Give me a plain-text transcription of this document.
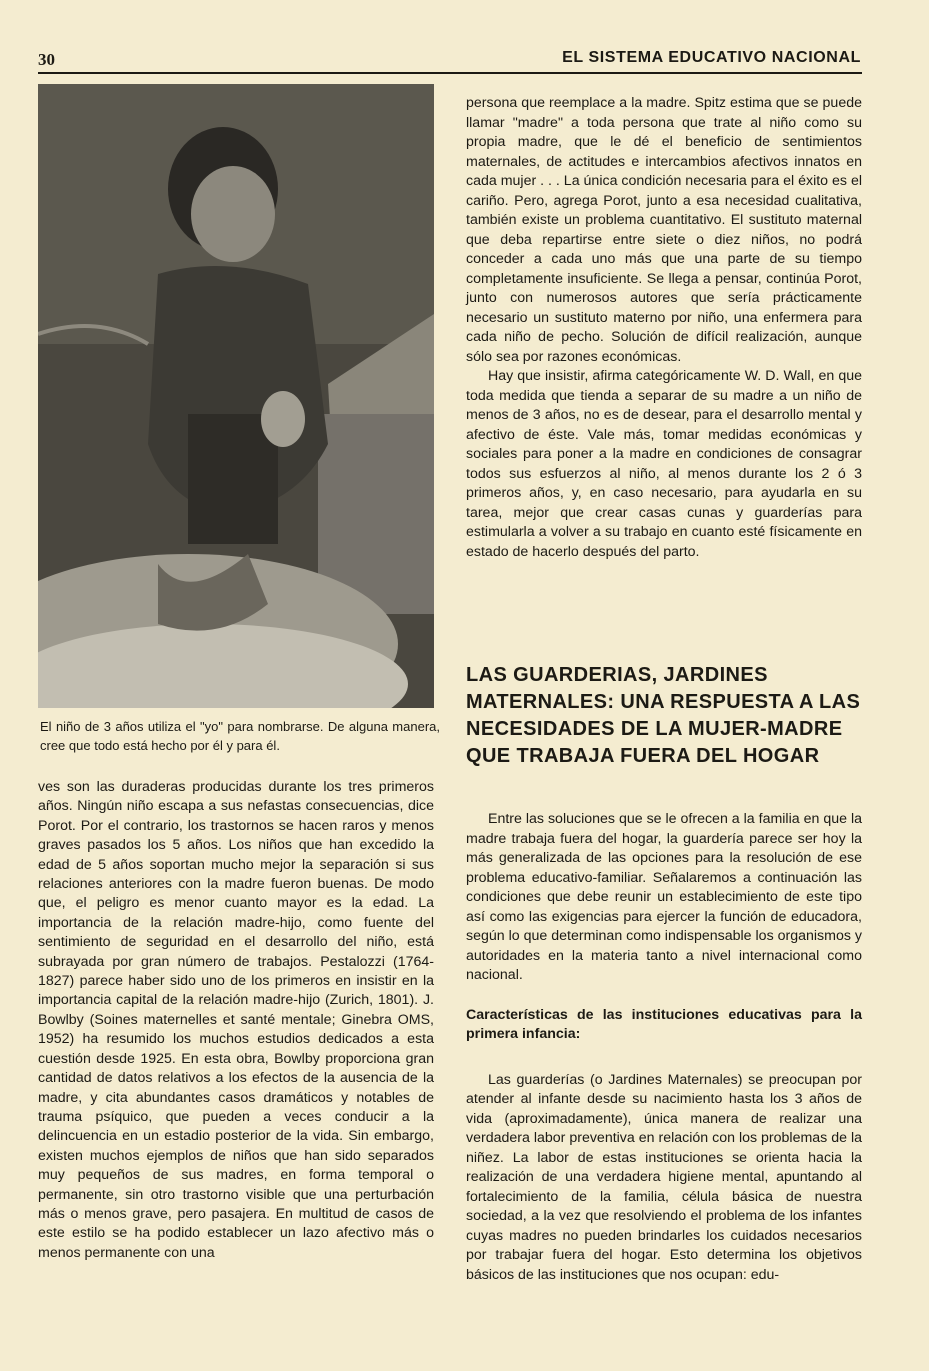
30	EL SISTEMA EDUCATIVO NACIONAL
El niño de 3 años utiliza el "yo" para nombrarse. De alguna manera, cree que todo está hecho por él y para él.

ves son las duraderas producidas durante los tres primeros años. Ningún niño escapa a sus nefastas consecuencias, dice Porot. Por el contrario, los trastornos se hacen raros y menos graves pasados los 5 años. Los niños que han excedido la edad de 5 años soportan mucho mejor la separación si sus relaciones anteriores con la madre fueron buenas. De modo que, el peligro es menor cuanto mayor es la edad. La importancia de la relación madre-hijo, como fuente del sentimiento de seguridad en el desarrollo del niño, está subrayada por gran número de trabajos. Pestalozzi (1764-1827) parece haber sido uno de los primeros en insistir en la importancia capital de la relación madre-hijo (Zurich, 1801). J. Bowlby (Soines maternelles et santé mentale; Ginebra OMS, 1952) ha resumido los muchos estudios dedicados a esta cuestión desde 1925. En esta obra, Bowlby proporciona gran cantidad de datos relativos a los efectos de la ausencia de la madre, y cita abundantes casos dramáticos y notables de trauma psíquico, que pueden a veces conducir a la delincuencia en un estadio posterior de la vida. Sin embargo, existen muchos ejemplos de niños que han sido separados muy pequeños de sus madres, en forma temporal o permanente, sin otro trastorno visible que una perturbación más o menos grave, pero pasajera. En multitud de casos de este estilo se ha podido establecer un lazo afectivo más o menos permanente con una

persona que reemplace a la madre. Spitz estima que se puede llamar "madre" a toda persona que trate al niño como su propia madre, que le dé el beneficio de sentimientos maternales, de actitudes e intercambios afectivos innatos en cada mujer . . . La única condición necesaria para el éxito es el cariño. Pero, agrega Porot, junto a esa necesidad cualitativa, también existe un problema cuantitativo. El sustituto maternal que deba repartirse entre siete o diez niños, no podrá conceder a cada uno más que una parte de su tiempo completamente insuficiente. Se llega a pensar, continúa Porot, junto con numerosos autores que sería prácticamente necesario un sustituto materno por niño, una enfermera para cada niño de pecho. Solución de difícil realización, aunque sólo sea por razones económicas.

Hay que insistir, afirma categóricamente W. D. Wall, en que toda medida que tienda a separar de su madre a un niño de menos de 3 años, no es de desear, para el desarrollo mental y afectivo de éste. Vale más, tomar medidas económicas y sociales para poner a la madre en condiciones de consagrar todos sus esfuerzos al niño, al menos durante los 2 ó 3 primeros años, y, en caso necesario, para ayudarla en su tarea, mejor que crear casas cunas y guarderías para estimularla a volver a su trabajo en cuanto esté físicamente en estado de hacerlo después del parto.

LAS GUARDERIAS, JARDINES MATERNALES: UNA RESPUESTA A LAS NECESIDADES DE LA MUJER-MADRE QUE TRABAJA FUERA DEL HOGAR

Entre las soluciones que se le ofrecen a la familia en que la madre trabaja fuera del hogar, la guardería parece ser hoy la más generalizada de las opciones para la resolución de ese problema educativo-familiar. Señalaremos a continuación las condiciones que debe reunir un establecimiento de este tipo así como las exigencias para ejercer la función de educadora, según lo que determinan como indispensable los organismos y autoridades en la materia tanto a nivel internacional como nacional.

Características de las instituciones educativas para la primera infancia:

Las guarderías (o Jardines Maternales) se preocupan por atender al infante desde su nacimiento hasta los 3 años de vida (aproximadamente), única manera de realizar una verdadera labor preventiva en relación con los problemas de la niñez. La labor de estas instituciones se orienta hacia la realización de una verdadera higiene mental, apuntando al fortalecimiento de la familia, célula básica de nuestra sociedad, a la vez que resolviendo el problema de los infantes cuyas madres no pueden brindarles los cuidados necesarios por trabajar fuera del hogar. Esto determina los objetivos básicos de las instituciones que nos ocupan: edu-
